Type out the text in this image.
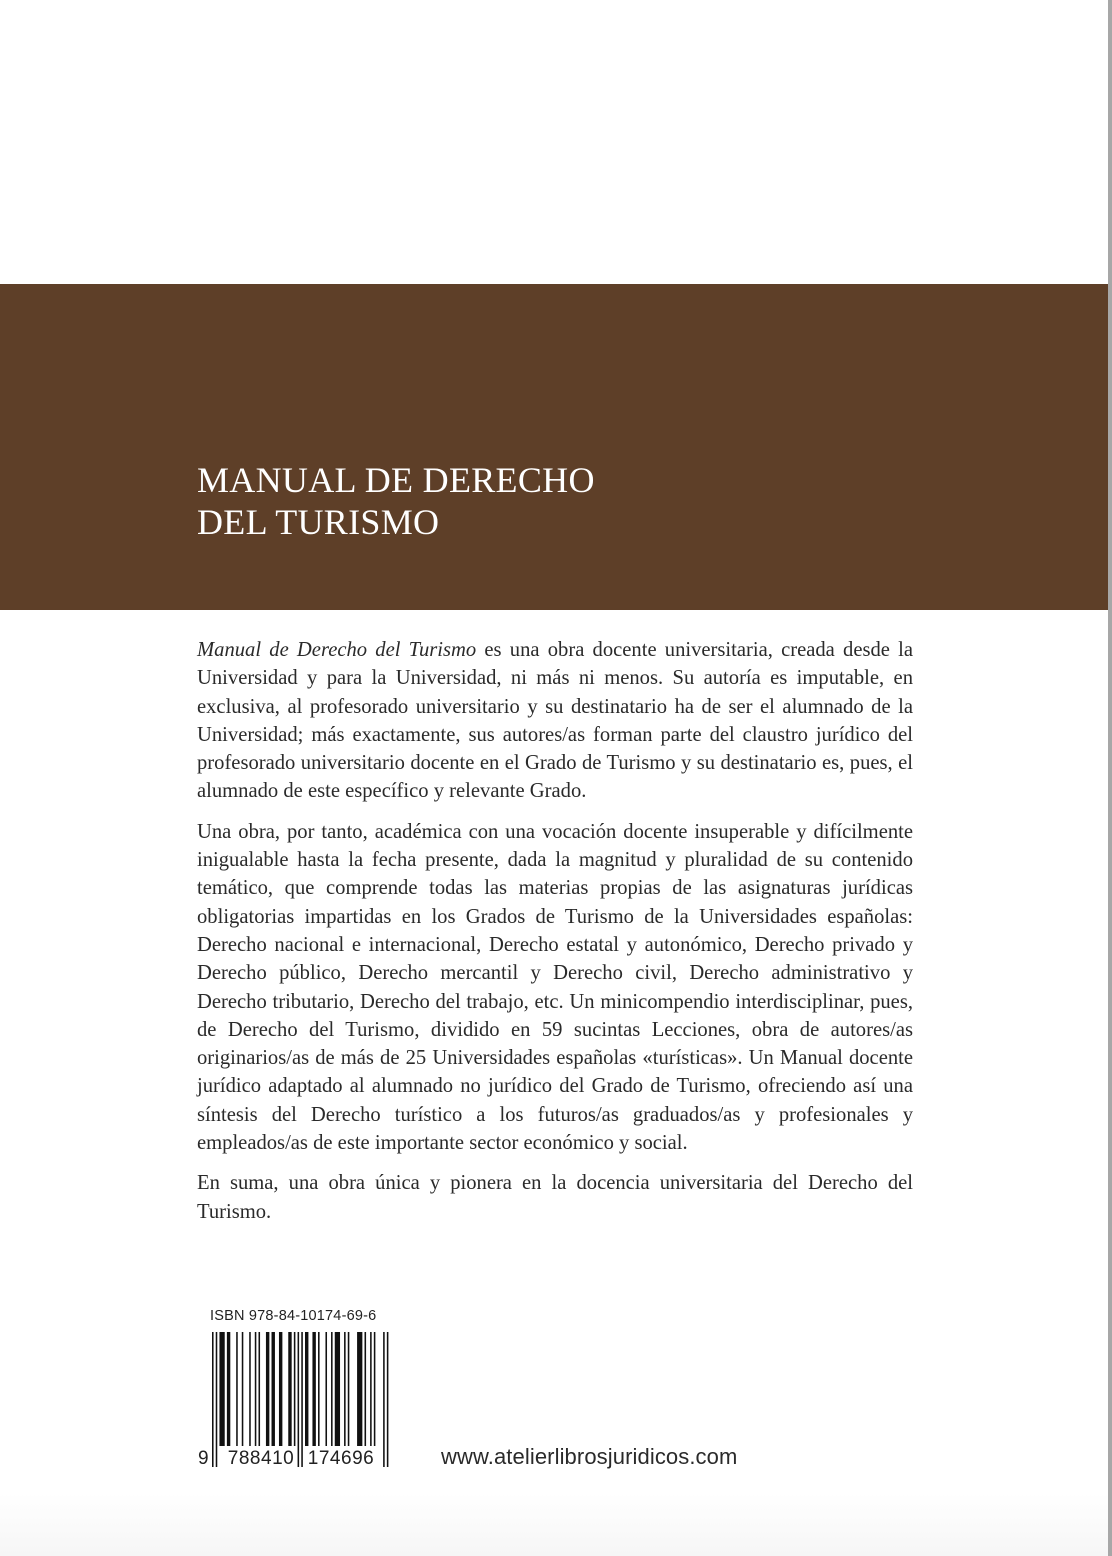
MANUAL DE DERECHO
DEL TURISMO

Manual de Derecho del Turismo es una obra docente universitaria, creada desde la Universidad y para la Universidad, ni más ni menos. Su autoría es imputable, en exclusiva, al profesorado universitario y su destinatario ha de ser el alumnado de la Universidad; más exactamente, sus autores/as forman parte del claustro jurídico del profesorado universitario docente en el Grado de Turismo y su destinatario es, pues, el alumnado de este específico y relevante Grado.

Una obra, por tanto, académica con una vocación docente insuperable y difícilmente inigualable hasta la fecha presente, dada la magnitud y pluralidad de su contenido temático, que comprende todas las materias propias de las asignaturas jurídicas obligatorias impartidas en los Grados de Turismo de la Universidades españolas: Derecho nacional e internacional, Derecho estatal y autonómico, Derecho privado y Derecho público, Derecho mercantil y Derecho civil, Derecho administrativo y Derecho tributario, Derecho del trabajo, etc. Un minicompendio interdisciplinar, pues, de Derecho del Turismo, dividido en 59 sucintas Lecciones, obra de autores/as originarios/as de más de 25 Universidades españolas «turísticas». Un Manual docente jurídico adaptado al alumnado no jurídico del Grado de Turismo, ofreciendo así una síntesis del Derecho turístico a los futuros/as graduados/as y profesionales y empleados/as de este importante sector económico y social.

En suma, una obra única y pionera en la docencia universitaria del Derecho del Turismo.

ISBN 978-84-10174-69-6
9 788410 174696	www.atelierlibrosjuridicos.com
